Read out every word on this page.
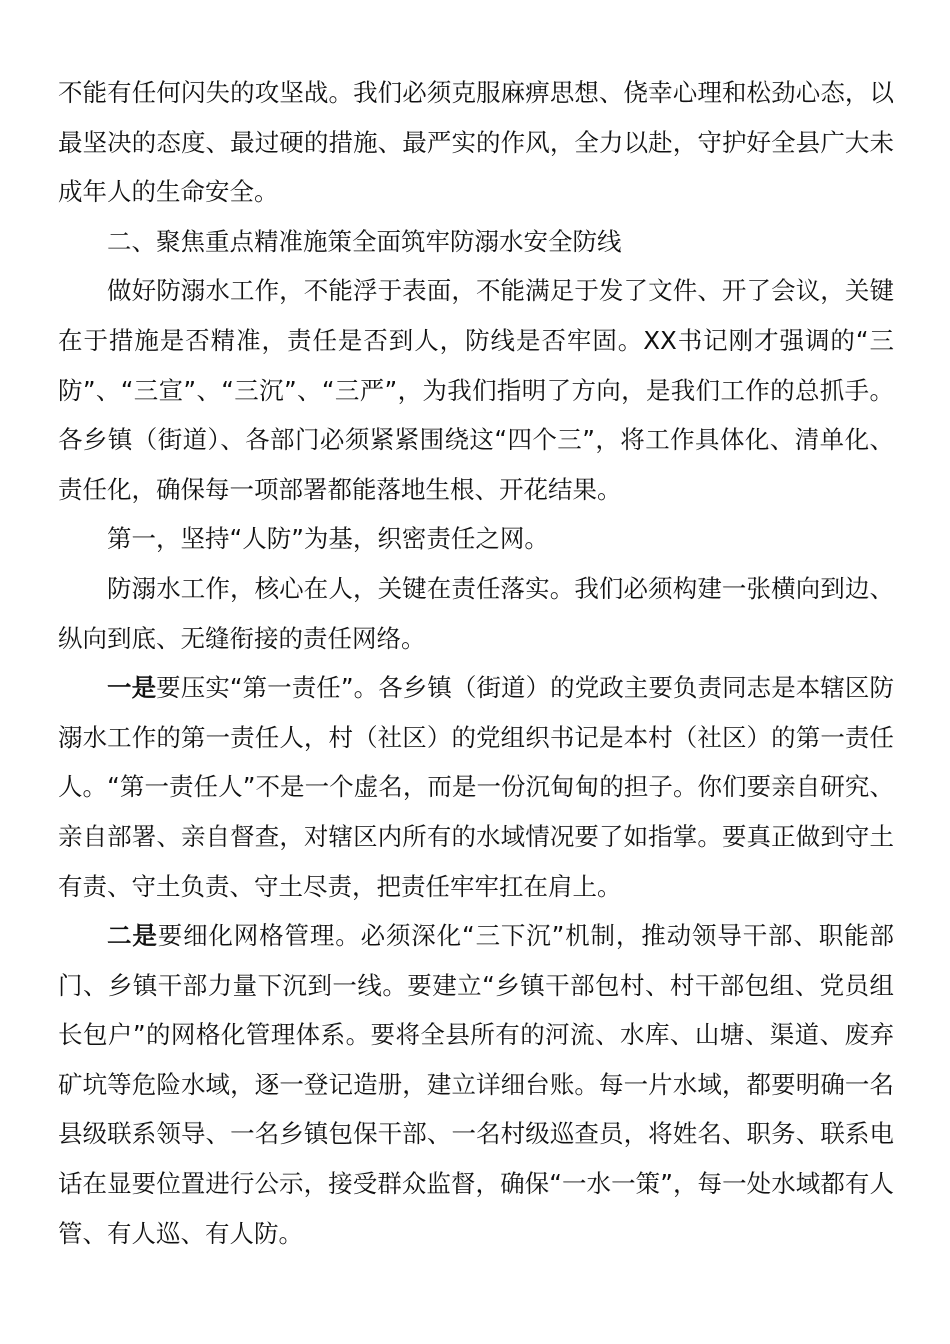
不能有任何闪失的攻坚战。我们必须克服麻痹思想、侥幸心理和松劲心态，以最坚决的态度、最过硬的措施、最严实的作风，全力以赴，守护好全县广大未成年人的生命安全。

二、聚焦重点精准施策全面筑牢防溺水安全防线

做好防溺水工作，不能浮于表面，不能满足于发了文件、开了会议，关键在于措施是否精准，责任是否到人，防线是否牢固。XX书记刚才强调的“三防”、“三宣”、“三沉”、“三严”，为我们指明了方向，是我们工作的总抓手。各乡镇（街道）、各部门必须紧紧围绕这“四个三”，将工作具体化、清单化、责任化，确保每一项部署都能落地生根、开花结果。

第一，坚持“人防”为基，织密责任之网。

防溺水工作，核心在人，关键在责任落实。我们必须构建一张横向到边、纵向到底、无缝衔接的责任网络。

一是要压实“第一责任”。各乡镇（街道）的党政主要负责同志是本辖区防溺水工作的第一责任人，村（社区）的党组织书记是本村（社区）的第一责任人。“第一责任人”不是一个虚名，而是一份沉甸甸的担子。你们要亲自研究、亲自部署、亲自督查，对辖区内所有的水域情况要了如指掌。要真正做到守土有责、守土负责、守土尽责，把责任牢牢扛在肩上。

二是要细化网格管理。必须深化“三下沉”机制，推动领导干部、职能部门、乡镇干部力量下沉到一线。要建立“乡镇干部包村、村干部包组、党员组长包户”的网格化管理体系。要将全县所有的河流、水库、山塘、渠道、废弃矿坑等危险水域，逐一登记造册，建立详细台账。每一片水域，都要明确一名县级联系领导、一名乡镇包保干部、一名村级巡查员，将姓名、职务、联系电话在显要位置进行公示，接受群众监督，确保“一水一策”，每一处水域都有人管、有人巡、有人防。
